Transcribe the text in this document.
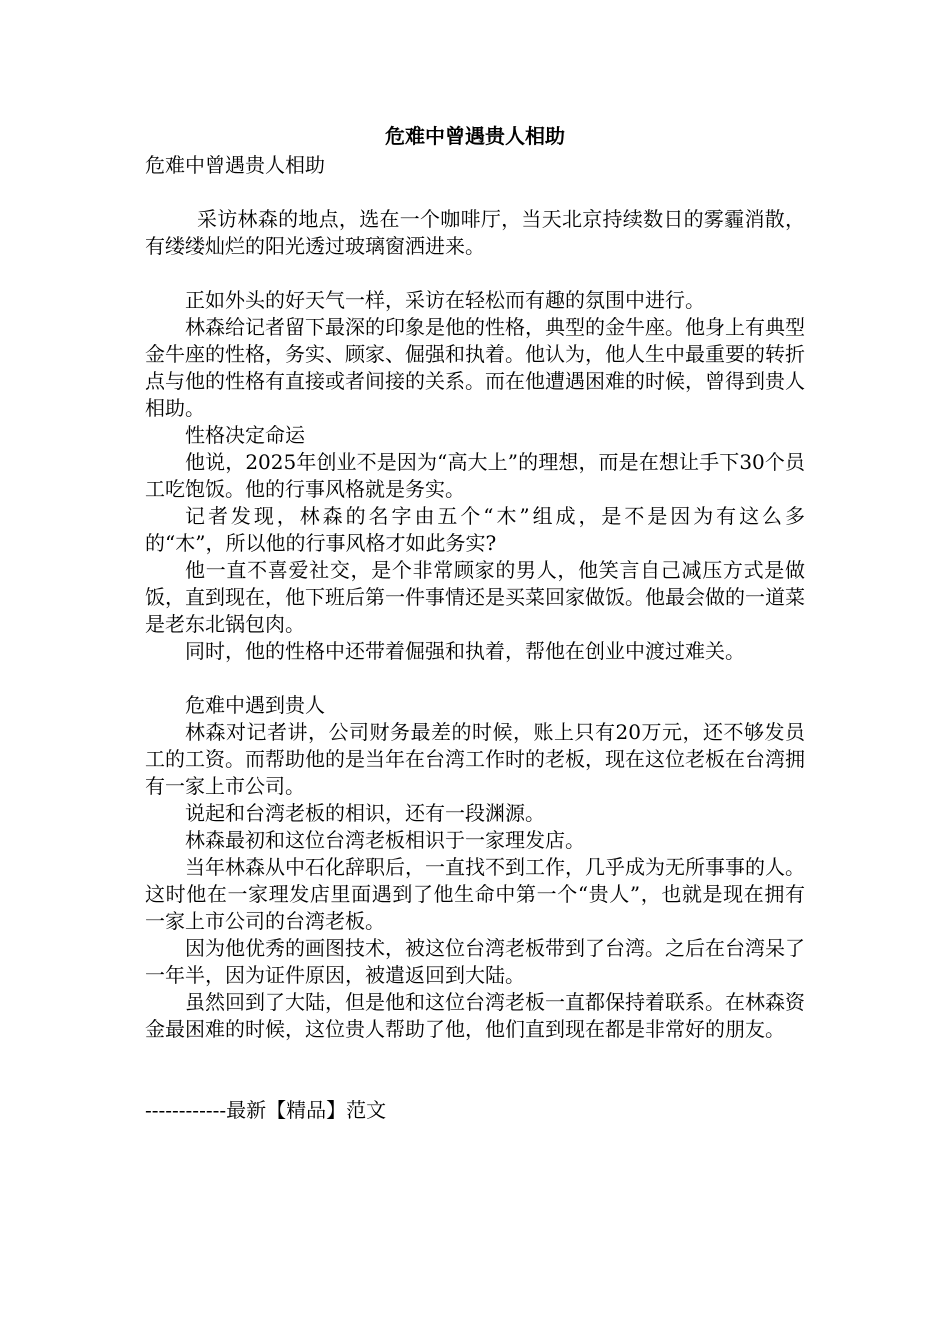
危难中曾遇贵人相助

危难中曾遇贵人相助

采访林森的地点，选在一个咖啡厅，当天北京持续数日的雾霾消散，有缕缕灿烂的阳光透过玻璃窗洒进来。

正如外头的好天气一样，采访在轻松而有趣的氛围中进行。

林森给记者留下最深的印象是他的性格，典型的金牛座。他身上有典型金牛座的性格，务实、顾家、倔强和执着。他认为，他人生中最重要的转折点与他的性格有直接或者间接的关系。而在他遭遇困难的时候，曾得到贵人相助。

性格决定命运

他说，2025年创业不是因为“高大上”的理想，而是在想让手下30个员工吃饱饭。他的行事风格就是务实。

记者发现，林森的名字由五个“木”组成，是不是因为有这么多的“木”，所以他的行事风格才如此务实?

他一直不喜爱社交，是个非常顾家的男人，他笑言自己减压方式是做饭，直到现在，他下班后第一件事情还是买菜回家做饭。他最会做的一道菜是老东北锅包肉。

同时，他的性格中还带着倔强和执着，帮他在创业中渡过难关。

危难中遇到贵人

林森对记者讲，公司财务最差的时候，账上只有20万元，还不够发员工的工资。而帮助他的是当年在台湾工作时的老板，现在这位老板在台湾拥有一家上市公司。

说起和台湾老板的相识，还有一段渊源。

林森最初和这位台湾老板相识于一家理发店。

当年林森从中石化辞职后，一直找不到工作，几乎成为无所事事的人。这时他在一家理发店里面遇到了他生命中第一个“贵人”，也就是现在拥有一家上市公司的台湾老板。

因为他优秀的画图技术，被这位台湾老板带到了台湾。之后在台湾呆了一年半，因为证件原因，被遣返回到大陆。

虽然回到了大陆，但是他和这位台湾老板一直都保持着联系。在林森资金最困难的时候，这位贵人帮助了他，他们直到现在都是非常好的朋友。

------------最新【精品】范文
